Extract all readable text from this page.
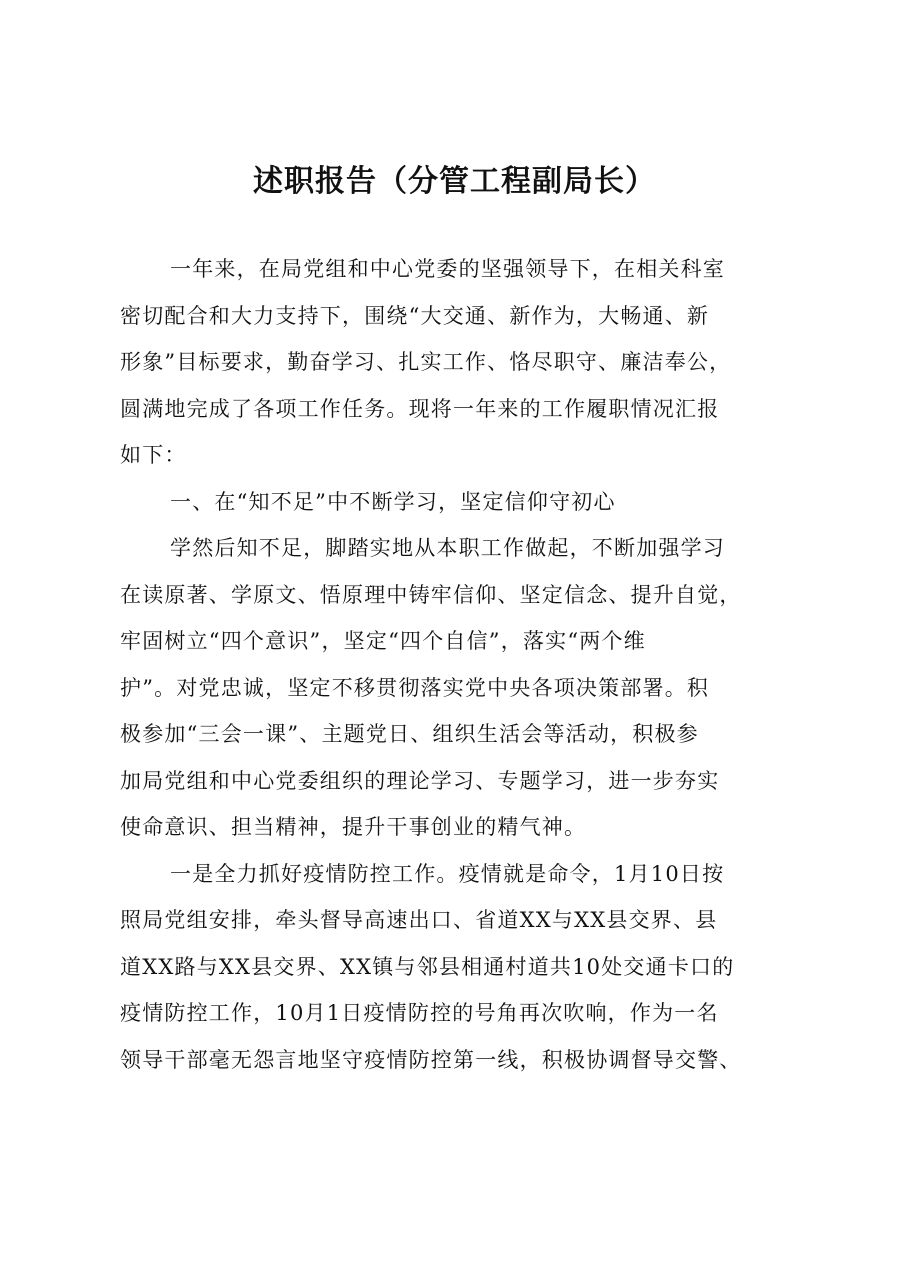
述职报告（分管工程副局长）
一年来，在局党组和中心党委的坚强领导下，在相关科室
密切配合和大力支持下，围绕“大交通、新作为，大畅通、新
形象”目标要求，勤奋学习、扎实工作、恪尽职守、廉洁奉公，
圆满地完成了各项工作任务。现将一年来的工作履职情况汇报
如下：
一、在“知不足”中不断学习，坚定信仰守初心
学然后知不足，脚踏实地从本职工作做起，不断加强学习
在读原著、学原文、悟原理中铸牢信仰、坚定信念、提升自觉，
牢固树立“四个意识”，坚定“四个自信”，落实“两个维
护”。对党忠诚，坚定不移贯彻落实党中央各项决策部署。积
极参加“三会一课”、主题党日、组织生活会等活动，积极参
加局党组和中心党委组织的理论学习、专题学习，进一步夯实
使命意识、担当精神，提升干事创业的精气神。
一是全力抓好疫情防控工作。疫情就是命令，1月10日按
照局党组安排，牵头督导高速出口、省道XX与XX县交界、县
道XX路与XX县交界、XX镇与邻县相通村道共10处交通卡口的
疫情防控工作，10月1日疫情防控的号角再次吹响，作为一名
领导干部毫无怨言地坚守疫情防控第一线，积极协调督导交警、
